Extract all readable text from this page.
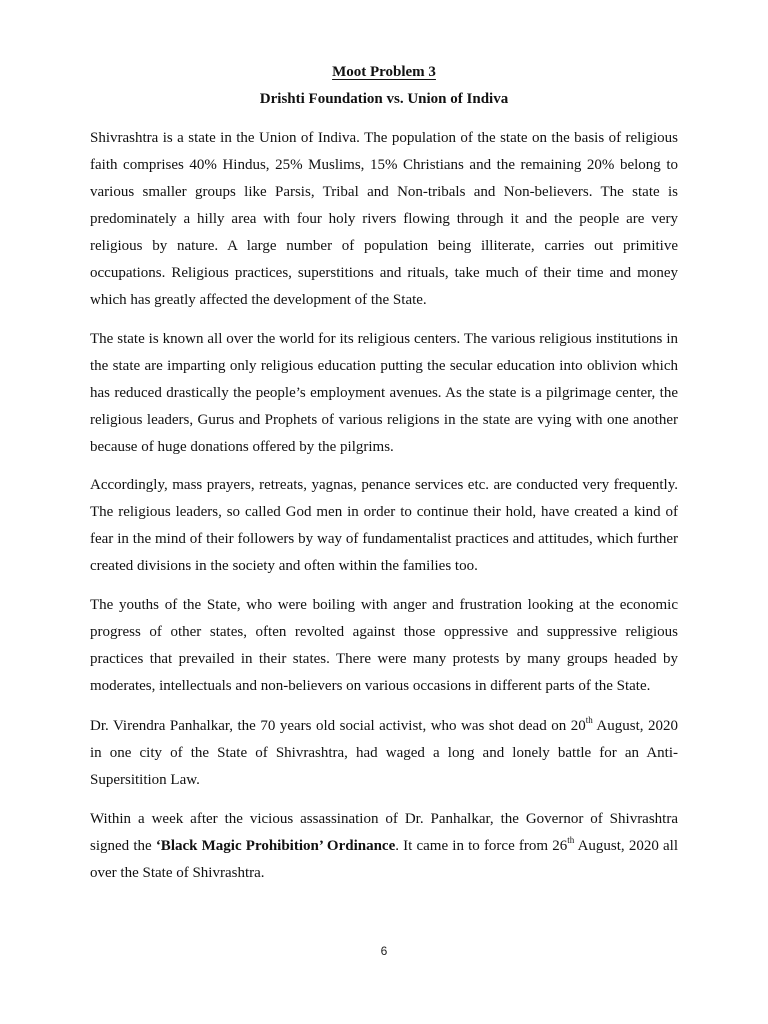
Moot Problem 3
Drishti Foundation vs. Union of Indiva

Shivrashtra is a state in the Union of Indiva. The population of the state on the basis of religious faith comprises 40% Hindus, 25% Muslims, 15% Christians and the remaining 20% belong to various smaller groups like Parsis, Tribal and Non-tribals and Non-believers. The state is predominately a hilly area with four holy rivers flowing through it and the people are very religious by nature. A large number of population being illiterate, carries out primitive occupations. Religious practices, superstitions and rituals, take much of their time and money which has greatly affected the development of the State.

The state is known all over the world for its religious centers. The various religious institutions in the state are imparting only religious education putting the secular education into oblivion which has reduced drastically the people’s employment avenues. As the state is a pilgrimage center, the religious leaders, Gurus and Prophets of various religions in the state are vying with one another because of huge donations offered by the pilgrims.

Accordingly, mass prayers, retreats, yagnas, penance services etc. are conducted very frequently. The religious leaders, so called God men in order to continue their hold, have created a kind of fear in the mind of their followers by way of fundamentalist practices and attitudes, which further created divisions in the society and often within the families too.

The youths of the State, who were boiling with anger and frustration looking at the economic progress of other states, often revolted against those oppressive and suppressive religious practices that prevailed in their states. There were many protests by many groups headed by moderates, intellectuals and non-believers on various occasions in different parts of the State.

Dr. Virendra Panhalkar, the 70 years old social activist, who was shot dead on 20th August, 2020 in one city of the State of Shivrashtra, had waged a long and lonely battle for an Anti-Supersitition Law.

Within a week after the vicious assassination of Dr. Panhalkar, the Governor of Shivrashtra signed the ‘Black Magic Prohibition’ Ordinance. It came in to force from 26th August, 2020 all over the State of Shivrashtra.

6
